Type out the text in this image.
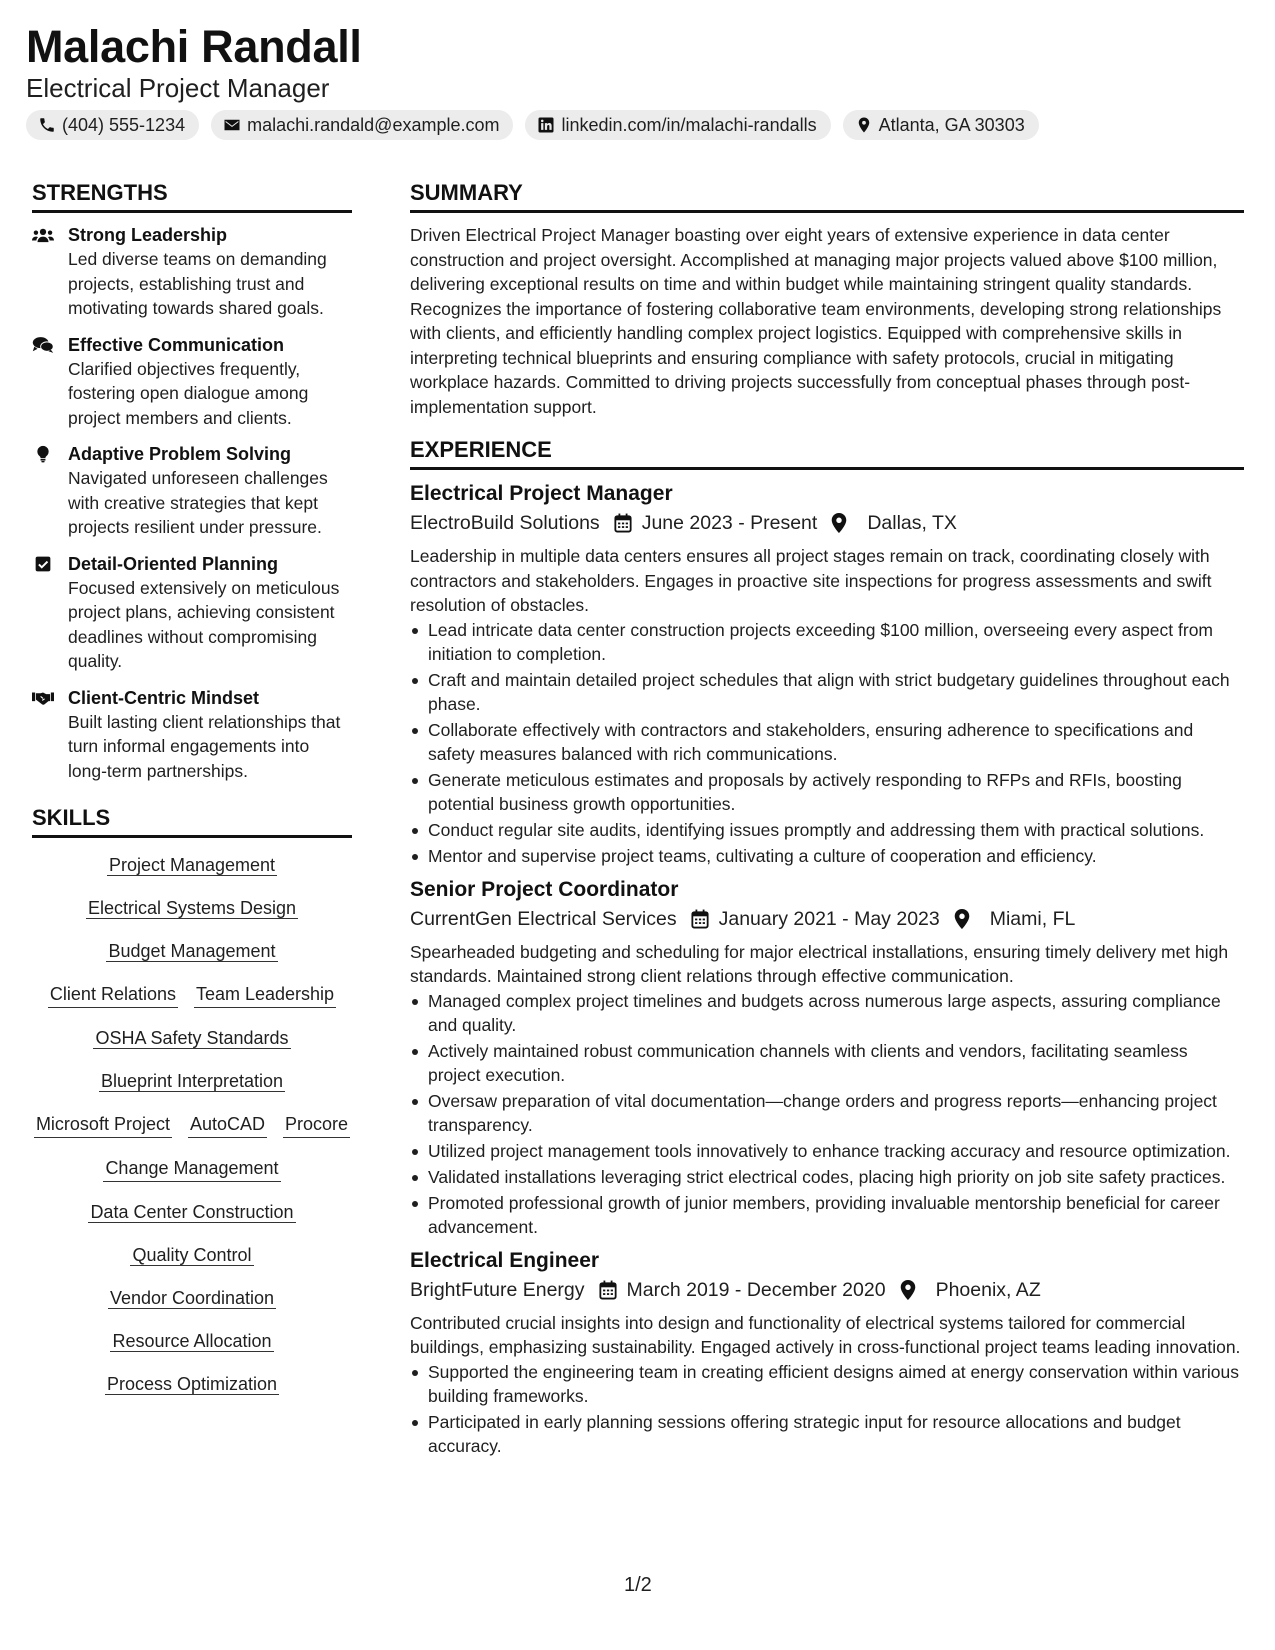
Malachi Randall
Electrical Project Manager
(404) 555-1234	malachi.randald@example.com	linkedin.com/in/malachi-randalls	Atlanta, GA 30303
STRENGTHS
Strong Leadership
Led diverse teams on demanding projects, establishing trust and motivating towards shared goals.
Effective Communication
Clarified objectives frequently, fostering open dialogue among project members and clients.
Adaptive Problem Solving
Navigated unforeseen challenges with creative strategies that kept projects resilient under pressure.
Detail-Oriented Planning
Focused extensively on meticulous project plans, achieving consistent deadlines without compromising quality.
Client-Centric Mindset
Built lasting client relationships that turn informal engagements into long-term partnerships.
SKILLS
Project Management
Electrical Systems Design
Budget Management
Client Relations Team Leadership
OSHA Safety Standards
Blueprint Interpretation
Microsoft Project AutoCAD Procore
Change Management
Data Center Construction
Quality Control
Vendor Coordination
Resource Allocation
Process Optimization
SUMMARY
Driven Electrical Project Manager boasting over eight years of extensive experience in data center construction and project oversight. Accomplished at managing major projects valued above $100 million, delivering exceptional results on time and within budget while maintaining stringent quality standards. Recognizes the importance of fostering collaborative team environments, developing strong relationships with clients, and efficiently handling complex project logistics. Equipped with comprehensive skills in interpreting technical blueprints and ensuring compliance with safety protocols, crucial in mitigating workplace hazards. Committed to driving projects successfully from conceptual phases through post-implementation support.
EXPERIENCE
Electrical Project Manager
ElectroBuild Solutions June 2023 - Present	Dallas, TX
Leadership in multiple data centers ensures all project stages remain on track, coordinating closely with contractors and stakeholders. Engages in proactive site inspections for progress assessments and swift resolution of obstacles.
Lead intricate data center construction projects exceeding $100 million, overseeing every aspect from initiation to completion.
Craft and maintain detailed project schedules that align with strict budgetary guidelines throughout each phase.
Collaborate effectively with contractors and stakeholders, ensuring adherence to specifications and safety measures balanced with rich communications.
Generate meticulous estimates and proposals by actively responding to RFPs and RFIs, boosting potential business growth opportunities.
Conduct regular site audits, identifying issues promptly and addressing them with practical solutions.
Mentor and supervise project teams, cultivating a culture of cooperation and efficiency.
Senior Project Coordinator
CurrentGen Electrical Services January 2021 - May 2023	Miami, FL
Spearheaded budgeting and scheduling for major electrical installations, ensuring timely delivery met high standards. Maintained strong client relations through effective communication.
Managed complex project timelines and budgets across numerous large aspects, assuring compliance and quality.
Actively maintained robust communication channels with clients and vendors, facilitating seamless project execution.
Oversaw preparation of vital documentation—change orders and progress reports—enhancing project transparency.
Utilized project management tools innovatively to enhance tracking accuracy and resource optimization.
Validated installations leveraging strict electrical codes, placing high priority on job site safety practices.
Promoted professional growth of junior members, providing invaluable mentorship beneficial for career advancement.
Electrical Engineer
BrightFuture Energy March 2019 - December 2020	Phoenix, AZ
Contributed crucial insights into design and functionality of electrical systems tailored for commercial buildings, emphasizing sustainability. Engaged actively in cross-functional project teams leading innovation.
Supported the engineering team in creating efficient designs aimed at energy conservation within various building frameworks.
Participated in early planning sessions offering strategic input for resource allocations and budget accuracy.
1/2
